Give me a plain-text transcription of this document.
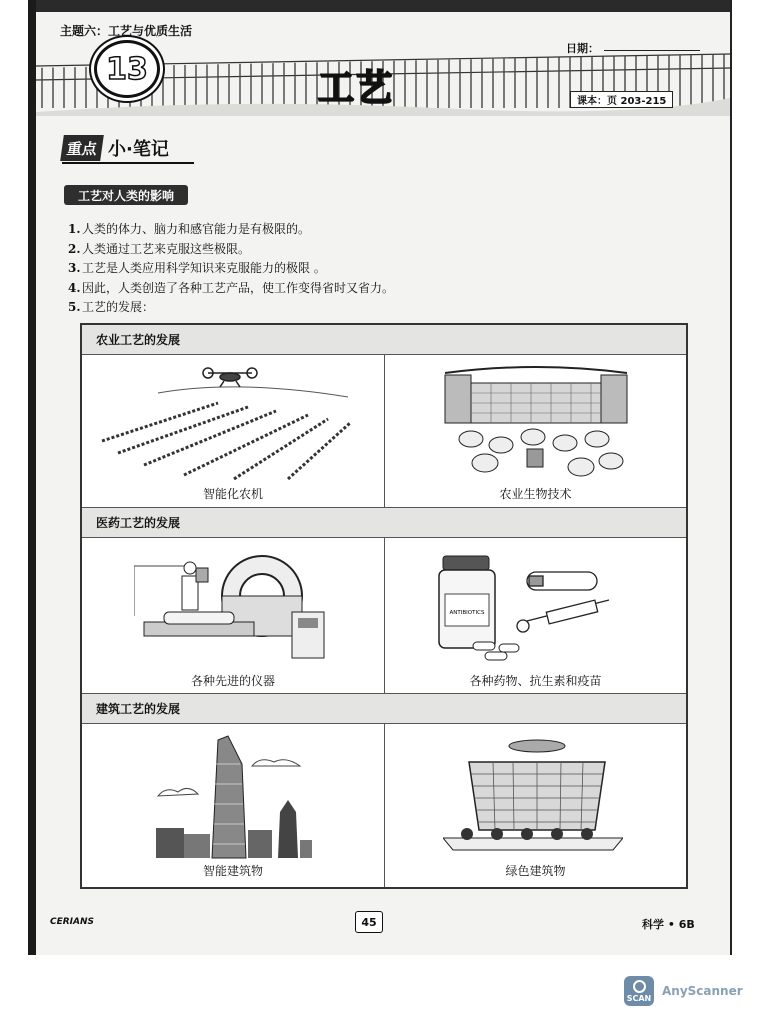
主题六：工艺与优质生活
13	工艺
日期：
课本：页 203-215
重点 小·笔记
工艺对人类的影响
1.人类的体力、脑力和感官能力是有极限的。
2.人类通过工艺来克服这些极限。
3.工艺是人类应用科学知识来克服能力的极限 。
4.因此，人类创造了各种工艺产品，使工作变得省时又省力。
5.工艺的发展：
农业工艺的发展
智能化农机	农业生物技术
医药工艺的发展
各种先进的仪器
ANTIBIOTICS
各种药物、抗生素和疫苗
建筑工艺的发展
智能建筑物	绿色建筑物
CERIANS	45	科学 • 6B
SCAN AnyScanner
